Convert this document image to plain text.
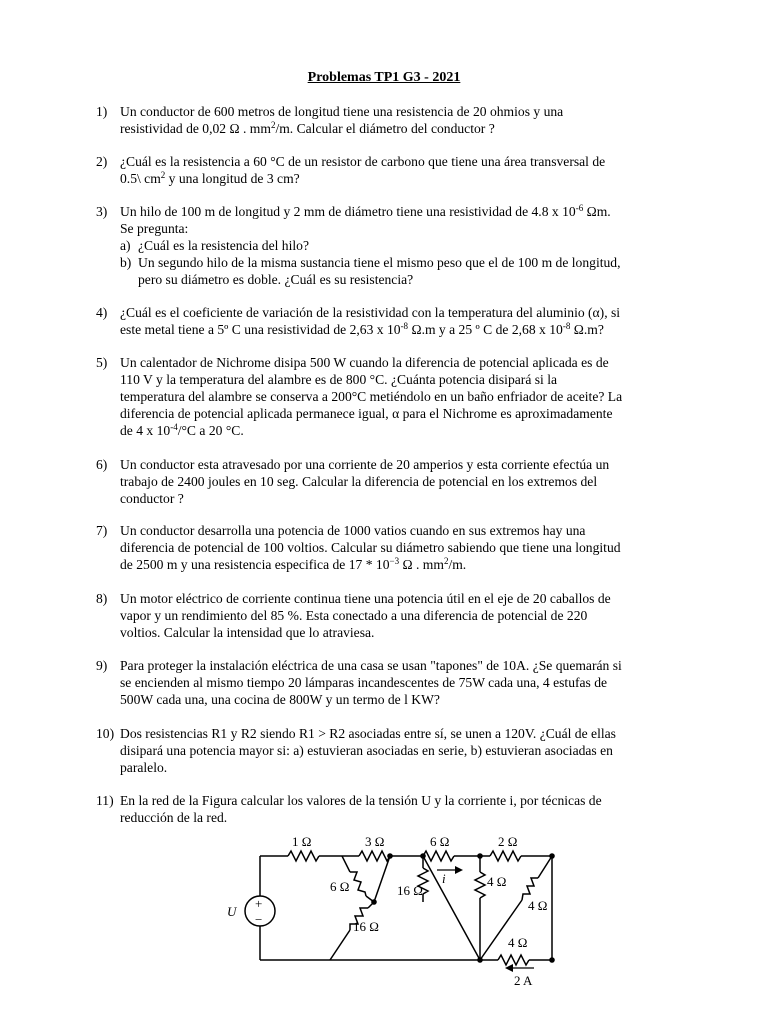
Problemas TP1 G3 - 2021
1) Un conductor de 600 metros de longitud tiene una resistencia de 20 ohmios y una
resistividad de 0,02 Ω . $mm^2/m$. Calcular el diámetro del conductor ?
2) ¿Cuál es la resistencia a 60 °C de un resistor de carbono que tiene una área transversal de
0.5\ $cm^2$ y una longitud de 3 cm?
3) Un hilo de 100 m de longitud y 2 mm de diámetro tiene una resistividad de 4.8 x $10^{-6}$ Ωm.
Se pregunta:
a) ¿Cuál es la resistencia del hilo?
b) Un segundo hilo de la misma sustancia tiene el mismo peso que el de 100 m de longitud,
pero su diámetro es doble. ¿Cuál es su resistencia?
4) ¿Cuál es el coeficiente de variación de la resistividad con la temperatura del aluminio (α), si
este metal tiene a 5º C una resistividad de 2,63 x $10^{-8}$ Ω.m y a 25 º C de 2,68 x $10^{-8}$ Ω.m?
5) Un calentador de Nichrome disipa 500 W cuando la diferencia de potencial aplicada es de
110 V y la temperatura del alambre es de 800 °C. ¿Cuánta potencia disipará si la
temperatura del alambre se conserva a 200°C metiéndolo en un baño enfriador de aceite? La
diferencia de potencial aplicada permanece igual, α para el Nichrome es aproximadamente
de 4 x $10^{-4}/^\circ C$ a 20 °C.
6) Un conductor esta atravesado por una corriente de 20 amperios y esta corriente efectúa un
trabajo de 2400 joules en 10 seg. Calcular la diferencia de potencial en los extremos del
conductor ?
7) Un conductor desarrolla una potencia de 1000 vatios cuando en sus extremos hay una
diferencia de potencial de 100 voltios. Calcular su diámetro sabiendo que tiene una longitud
de 2500 m y una resistencia especifica de $17 * 10^{-3}$ Ω . $mm^2/m$.
8) Un motor eléctrico de corriente continua tiene una potencia útil en el eje de 20 caballos de
vapor y un rendimiento del 85 %. Esta conectado a una diferencia de potencial de 220
voltios. Calcular la intensidad que lo atraviesa.
9) Para proteger la instalación eléctrica de una casa se usan "tapones" de 10A. ¿Se quemarán si
se encienden al mismo tiempo 20 lámparas incandescentes de 75W cada una, 4 estufas de
500W cada una, una cocina de 800W y un termo de l KW?
10) Dos resistencias R1 y R2 siendo R1 > R2 asociadas entre sí, se unen a 120V. ¿Cuál de ellas
disipará una potencia mayor si: a) estuvieran asociadas en serie, b) estuvieran asociadas en
paralelo.
11) En la red de la Figura calcular los valores de la tensión U y la corriente i, por técnicas de
reducción de la red.
+
−
U
1 Ω	3 Ω	6 Ω	2 Ω
6 Ω	16 Ω
16 Ω
4 Ω
4 Ω
4 Ω
i
2 A
